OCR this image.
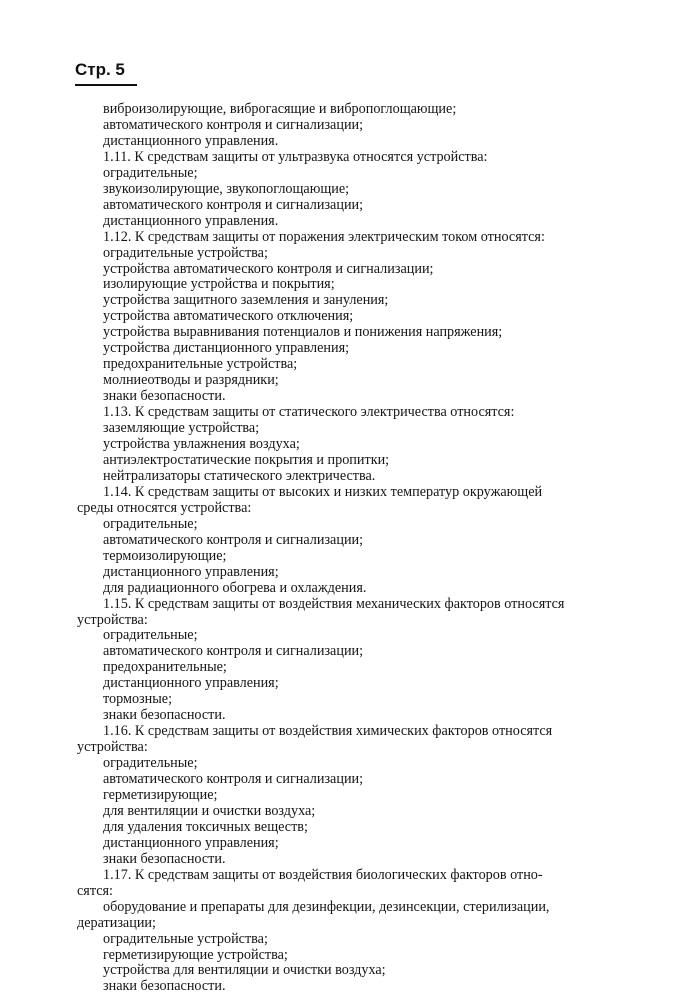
Стр. 5
виброизолирующие, виброгасящие и вибропоглощающие;
автоматического контроля и сигнализации;
дистанционного управления.
1.11. К средствам защиты от ультразвука относятся устройства:
оградительные;
звукоизолирующие, звукопоглощающие;
автоматического контроля и сигнализации;
дистанционного управления.
1.12. К средствам защиты от поражения электрическим током относятся:
оградительные устройства;
устройства автоматического контроля и сигнализации;
изолирующие устройства и покрытия;
устройства защитного заземления и зануления;
устройства автоматического отключения;
устройства выравнивания потенциалов и понижения напряжения;
устройства дистанционного управления;
предохранительные устройства;
молниеотводы и разрядники;
знаки безопасности.
1.13. К средствам защиты от статического электричества относятся:
заземляющие устройства;
устройства увлажнения воздуха;
антиэлектростатические покрытия и пропитки;
нейтрализаторы статического электричества.
1.14. К средствам защиты от высоких и низких температур окружающей
среды относятся устройства:
оградительные;
автоматического контроля и сигнализации;
термоизолирующие;
дистанционного управления;
для радиационного обогрева и охлаждения.
1.15. К средствам защиты от воздействия механических факторов относятся
устройства:
оградительные;
автоматического контроля и сигнализации;
предохранительные;
дистанционного управления;
тормозные;
знаки безопасности.
1.16. К средствам защиты от воздействия химических факторов относятся
устройства:
оградительные;
автоматического контроля и сигнализации;
герметизирующие;
для вентиляции и очистки воздуха;
для удаления токсичных веществ;
дистанционного управления;
знаки безопасности.
1.17. К средствам защиты от воздействия биологических факторов отно-
сятся:
оборудование и препараты для дезинфекции, дезинсекции, стерилизации,
дератизации;
оградительные устройства;
герметизирующие устройства;
устройства для вентиляции и очистки воздуха;
знаки безопасности.
